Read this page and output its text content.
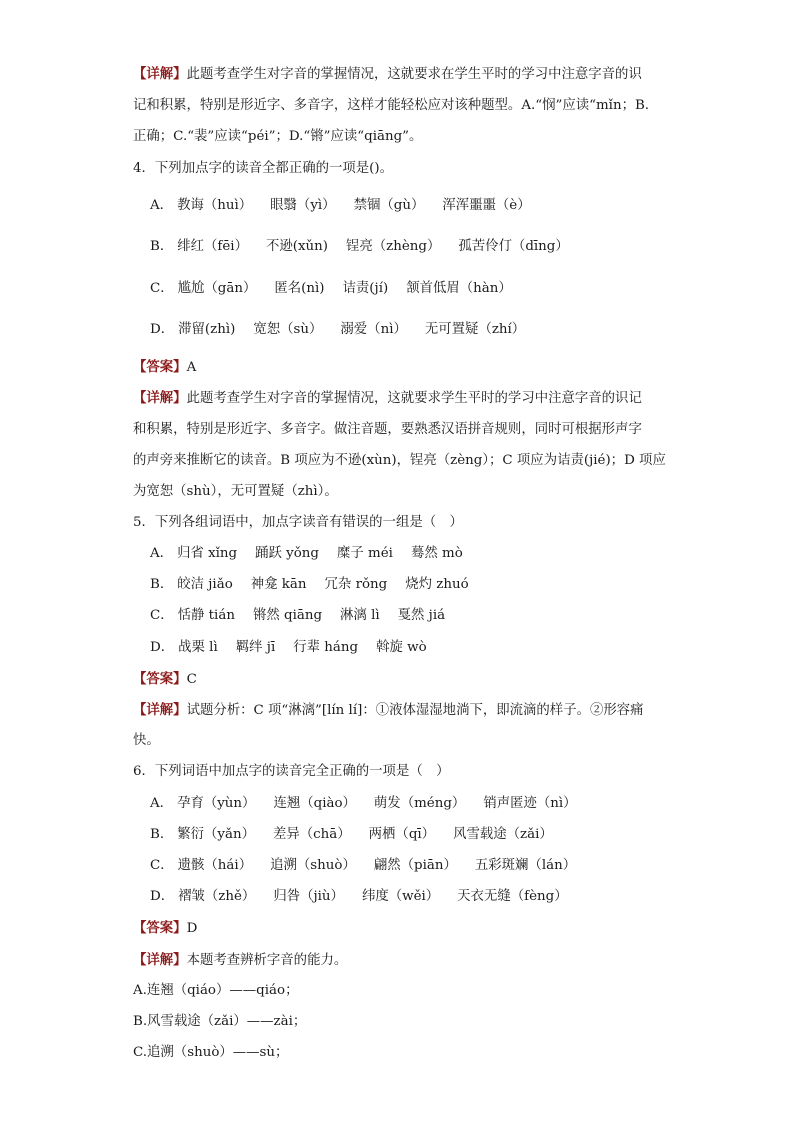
【详解】此题考查学生对字音的掌握情况，这就要求在学生平时的学习中注意字音的识
记和积累，特别是形近字、多音字，这样才能轻松应对该种题型。A.“悯”应读“mǐn；B.
正确；C.“裴”应读“péi”；D.“锵”应读“qiāng”。
4．下列加点字的读音全都正确的一项是()。
A． 教诲（huì） 眼翳（yì） 禁锢（gù） 浑浑噩噩（è）
B． 绯红（fēi） 不逊(xǔn) 锃亮（zhèng） 孤苦伶仃（dīng）
C． 尴尬（gān） 匿名(nì) 诘责(jí) 颔首低眉（hàn）
D． 滞留(zhì) 宽恕（sù） 溺爱（nì） 无可置疑（zhí）
【答案】A
【详解】此题考查学生对字音的掌握情况，这就要求学生平时的学习中注意字音的识记
和积累，特别是形近字、多音字。做注音题，要熟悉汉语拼音规则，同时可根据形声字
的声旁来推断它的读音。B 项应为不逊(xùn)，锃亮（zèng）；C 项应为诘责(jié)；D 项应
为宽恕（shù），无可置疑（zhì）。
5．下列各组词语中，加点字读音有错误的一组是（　）
A． 归省 xǐng 踊跃 yǒng 糜子 méi 蓦然 mò
B． 皎洁 jiǎo 神龛 kān 冗杂 rǒng 烧灼 zhuó
C． 恬静 tián 锵然 qiāng 淋漓 lì 戛然 jiá
D． 战栗 lì 羁绊 jī 行辈 háng 斡旋 wò
【答案】C
【详解】试题分析：C 项“淋漓”[lín lí]：①液体湿湿地淌下，即流滴的样子。②形容痛
快。
6．下列词语中加点字的读音完全正确的一项是（　）
A． 孕育（yùn） 连翘（qiào） 萌发（méng） 销声匿迹（nì）
B． 繁衍（yǎn） 差异（chā） 两栖（qī） 风雪载途（zǎi）
C． 遗骸（hái） 追溯（shuò） 翩然（piān） 五彩斑斓（lán）
D． 褶皱（zhě） 归咎（jiù） 纬度（wěi） 天衣无缝（fèng）
【答案】D
【详解】本题考查辨析字音的能力。
A.连翘（qiáo）——qiáo；
B.风雪载途（zǎi）——zài；
C.追溯（shuò）——sù；
